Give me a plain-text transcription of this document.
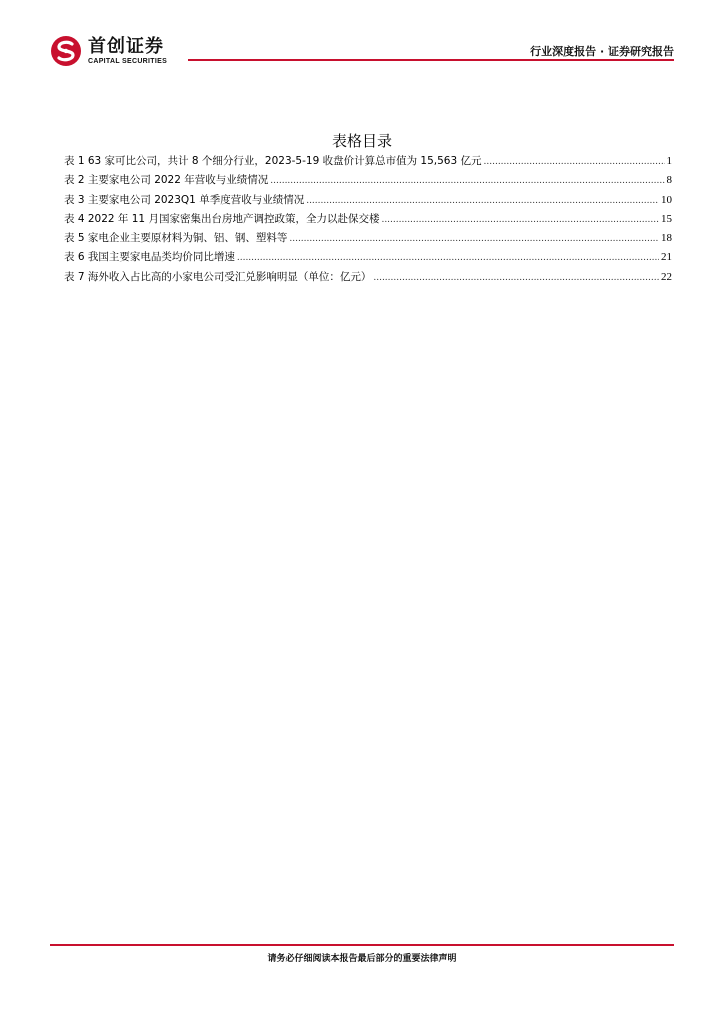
首创证券
CAPITAL SECURITIES
行业深度报告 · 证券研究报告
表格目录
表 1 63 家可比公司，共计 8 个细分行业，2023-5-19 收盘价计算总市值为 15,563 亿元 .....	1
表 2 主要家电公司 2022 年营收与业绩情况 .....	8
表 3 主要家电公司 2023Q1 单季度营收与业绩情况 .....	10
表 4 2022 年 11 月国家密集出台房地产调控政策，全力以赴保交楼 .....	15
表 5 家电企业主要原材料为铜、铝、钢、塑料等 .....	18
表 6 我国主要家电品类均价同比增速 .....	21
表 7 海外收入占比高的小家电公司受汇兑影响明显（单位：亿元） .....	22
请务必仔细阅读本报告最后部分的重要法律声明
